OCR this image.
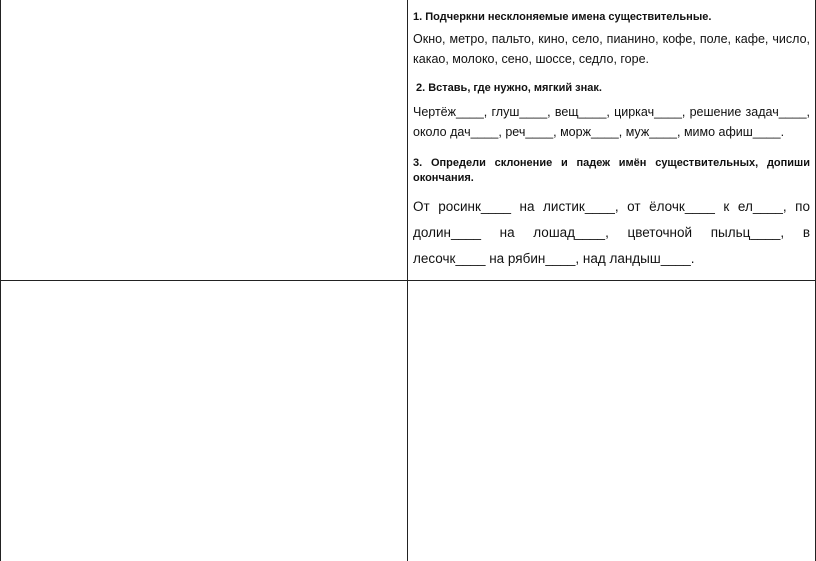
1. Подчеркни несклоняемые имена существительные.
Окно, метро, пальто, кино, село, пианино, кофе, поле, кафе, число, какао, молоко, сено, шоссе, седло, горе.
2. Вставь, где нужно, мягкий знак.
Чертёж____, глуш____, вещ____, циркач____, решение задач____, около дач____, реч____, морж____, муж____, мимо афиш____.
3. Определи склонение и падеж имён существительных, допиши окончания.
От росинк____ на листик____, от ёлочк____ к ел____, по долин____ на лошад____, цветочной пыльц____, в лесочк____ на рябин____, над ландыш____.
